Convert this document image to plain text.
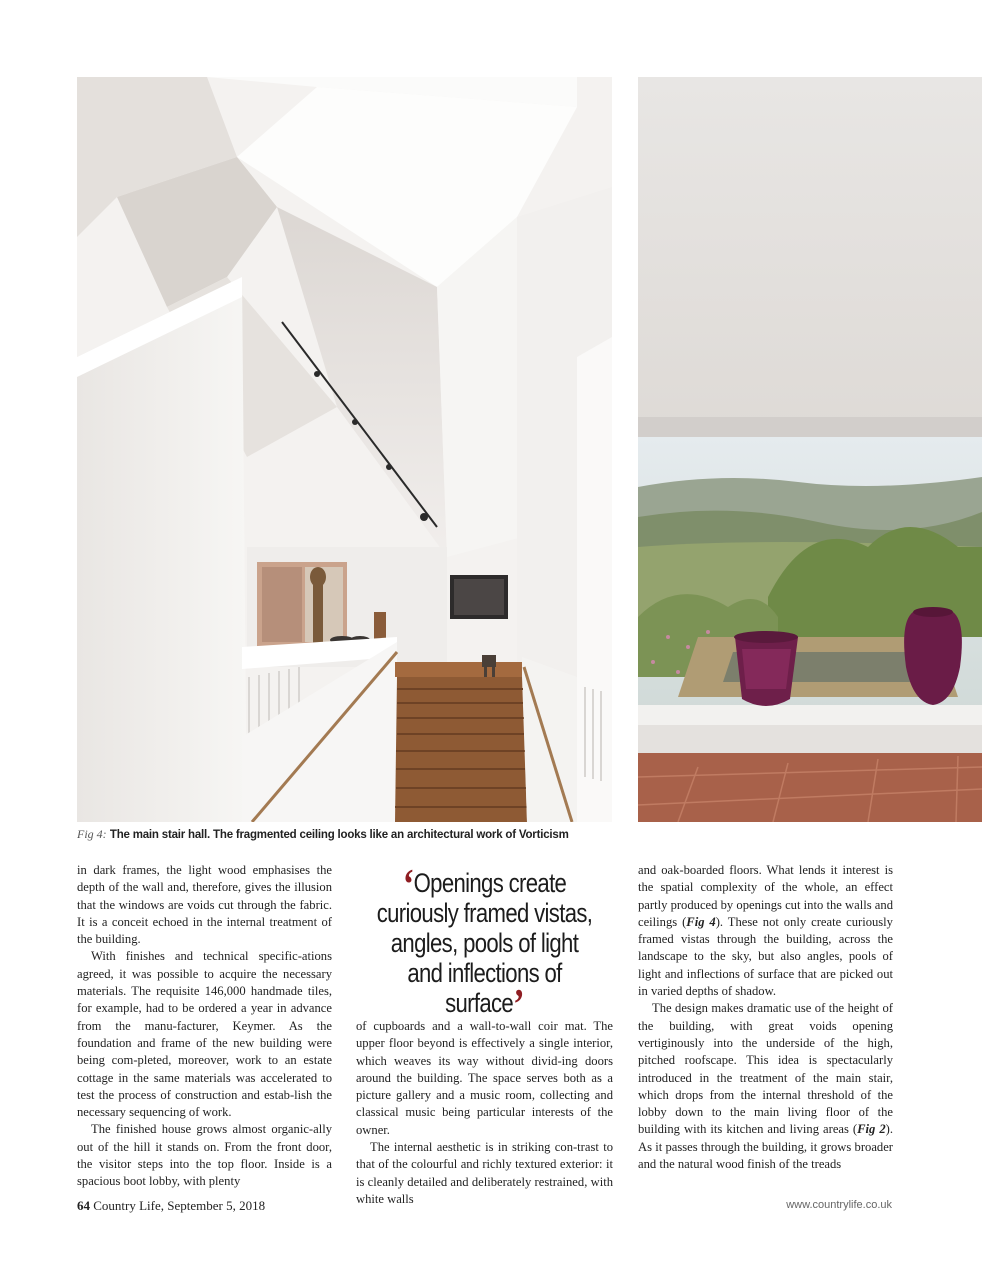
Fig 4: The main stair hall. The fragmented ceiling looks like an architectural work of Vorticism

in dark frames, the light wood emphasises the depth of the wall and, therefore, gives the illusion that the windows are voids cut through the fabric. It is a conceit echoed in the internal treatment of the building.

With finishes and technical specific-ations agreed, it was possible to acquire the necessary materials. The requisite 146,000 handmade tiles, for example, had to be ordered a year in advance from the manu-facturer, Keymer. As the foundation and frame of the new building were being com-pleted, moreover, work to an estate cottage in the same materials was accelerated to test the process of construction and estab-lish the necessary sequencing of work.

The finished house grows almost organic-ally out of the hill it stands on. From the front door, the visitor steps into the top floor. Inside is a spacious boot lobby, with plenty

‘Openings create curiously framed vistas, angles, pools of light and inflections of surface’

of cupboards and a wall-to-wall coir mat. The upper floor beyond is effectively a single interior, which weaves its way without divid-ing doors around the building. The space serves both as a picture gallery and a music room, collecting and classical music being particular interests of the owner.

The internal aesthetic is in striking con-trast to that of the colourful and richly textured exterior: it is cleanly detailed and deliberately restrained, with white walls

and oak-boarded floors. What lends it interest is the spatial complexity of the whole, an effect partly produced by openings cut into the walls and ceilings (Fig 4). These not only create curiously framed vistas through the building, across the landscape to the sky, but also angles, pools of light and inflections of surface that are picked out in varied depths of shadow.

The design makes dramatic use of the height of the building, with great voids opening vertiginously into the underside of the high, pitched roofscape. This idea is spectacularly introduced in the treatment of the main stair, which drops from the internal threshold of the lobby down to the main living floor of the building with its kitchen and living areas (Fig 2). As it passes through the building, it grows broader and the natural wood finish of the treads

64 Country Life, September 5, 2018	www.countrylife.co.uk
